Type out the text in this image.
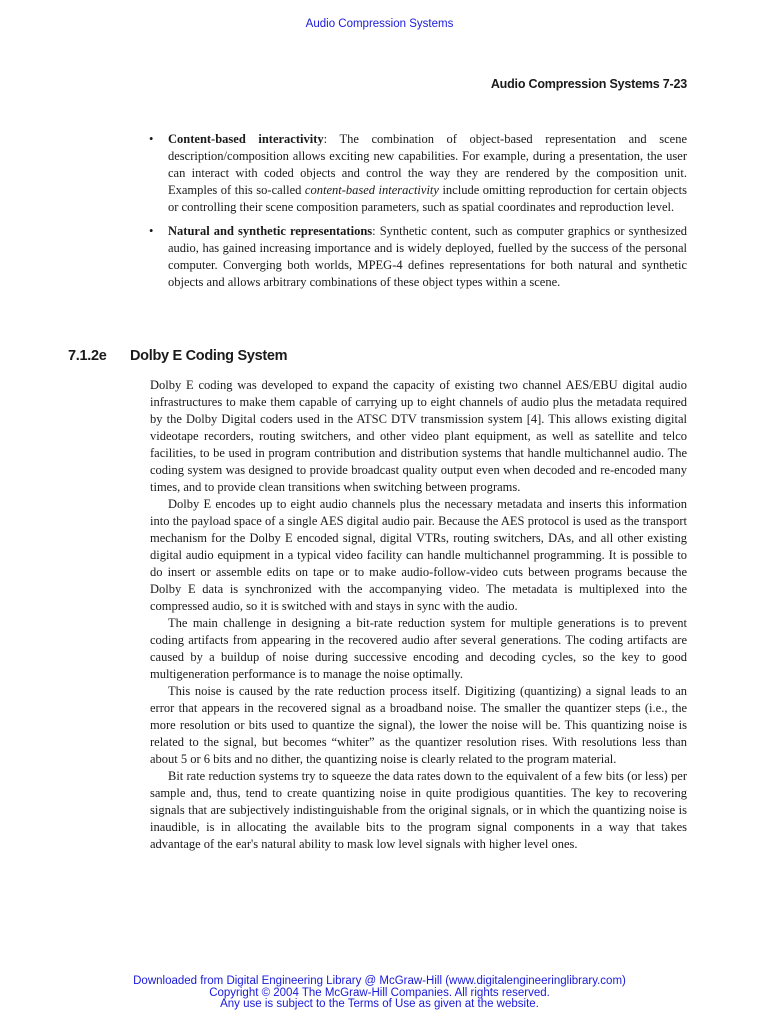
Audio Compression Systems
Audio Compression Systems 7-23
• Content-based interactivity: The combination of object-based representation and scene description/composition allows exciting new capabilities. For example, during a presentation, the user can interact with coded objects and control the way they are rendered by the composition unit. Examples of this so-called content-based interactivity include omitting reproduction for certain objects or controlling their scene composition parameters, such as spatial coordinates and reproduction level.
• Natural and synthetic representations: Synthetic content, such as computer graphics or synthesized audio, has gained increasing importance and is widely deployed, fuelled by the success of the personal computer. Converging both worlds, MPEG-4 defines representations for both natural and synthetic objects and allows arbitrary combinations of these object types within a scene.
7.1.2e Dolby E Coding System

Dolby E coding was developed to expand the capacity of existing two channel AES/EBU digital audio infrastructures to make them capable of carrying up to eight channels of audio plus the metadata required by the Dolby Digital coders used in the ATSC DTV transmission system [4]. This allows existing digital videotape recorders, routing switchers, and other video plant equipment, as well as satellite and telco facilities, to be used in program contribution and distribution systems that handle multichannel audio. The coding system was designed to provide broadcast quality output even when decoded and re-encoded many times, and to provide clean transitions when switching between programs.

Dolby E encodes up to eight audio channels plus the necessary metadata and inserts this information into the payload space of a single AES digital audio pair. Because the AES protocol is used as the transport mechanism for the Dolby E encoded signal, digital VTRs, routing switchers, DAs, and all other existing digital audio equipment in a typical video facility can handle multichannel programming. It is possible to do insert or assemble edits on tape or to make audio-follow-video cuts between programs because the Dolby E data is synchronized with the accompanying video. The metadata is multiplexed into the compressed audio, so it is switched with and stays in sync with the audio.

The main challenge in designing a bit-rate reduction system for multiple generations is to prevent coding artifacts from appearing in the recovered audio after several generations. The coding artifacts are caused by a buildup of noise during successive encoding and decoding cycles, so the key to good multigeneration performance is to manage the noise optimally.

This noise is caused by the rate reduction process itself. Digitizing (quantizing) a signal leads to an error that appears in the recovered signal as a broadband noise. The smaller the quantizer steps (i.e., the more resolution or bits used to quantize the signal), the lower the noise will be. This quantizing noise is related to the signal, but becomes “whiter” as the quantizer resolution rises. With resolutions less than about 5 or 6 bits and no dither, the quantizing noise is clearly related to the program material.

Bit rate reduction systems try to squeeze the data rates down to the equivalent of a few bits (or less) per sample and, thus, tend to create quantizing noise in quite prodigious quantities. The key to recovering signals that are subjectively indistinguishable from the original signals, or in which the quantizing noise is inaudible, is in allocating the available bits to the program signal components in a way that takes advantage of the ear's natural ability to mask low level signals with higher level ones.

Downloaded from Digital Engineering Library @ McGraw-Hill (www.digitalengineeringlibrary.com)
Copyright © 2004 The McGraw-Hill Companies. All rights reserved.
Any use is subject to the Terms of Use as given at the website.
